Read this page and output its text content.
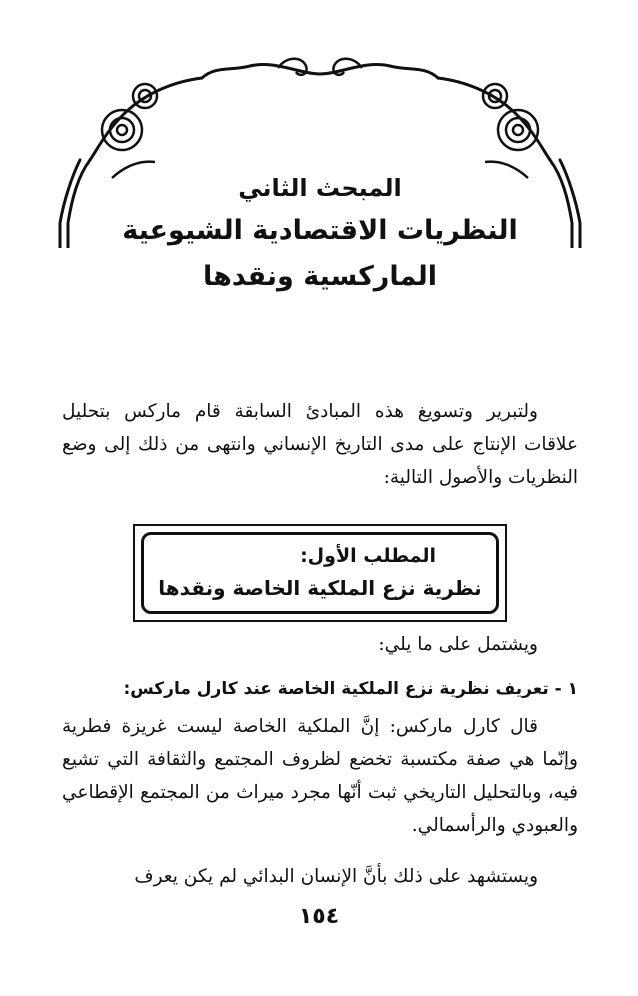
المبحث الثاني
النظريات الاقتصادية الشيوعية
الماركسية ونقدها
ولتبرير وتسويغ هذه المبادئ السابقة قام ماركس بتحليل علاقات الإنتاج على مدى التاريخ الإنساني وانتهى من ذلك إلى وضع النظريات والأصول التالية:
المطلب الأول:
نظرية نزع الملكية الخاصة ونقدها
ويشتمل على ما يلي:
١ - تعريف نظرية نزع الملكية الخاصة عند كارل ماركس:
قال كارل ماركس: إنَّ الملكية الخاصة ليست غريزة فطرية وإنّما هي صفة مكتسبة تخضع لظروف المجتمع والثقافة التي تشيع فيه، وبالتحليل التاريخي ثبت أنّها مجرد ميراث من المجتمع الإقطاعي والعبودي والرأسمالي.
ويستشهد على ذلك بأنَّ الإنسان البدائي لم يكن يعرف
١٥٤
